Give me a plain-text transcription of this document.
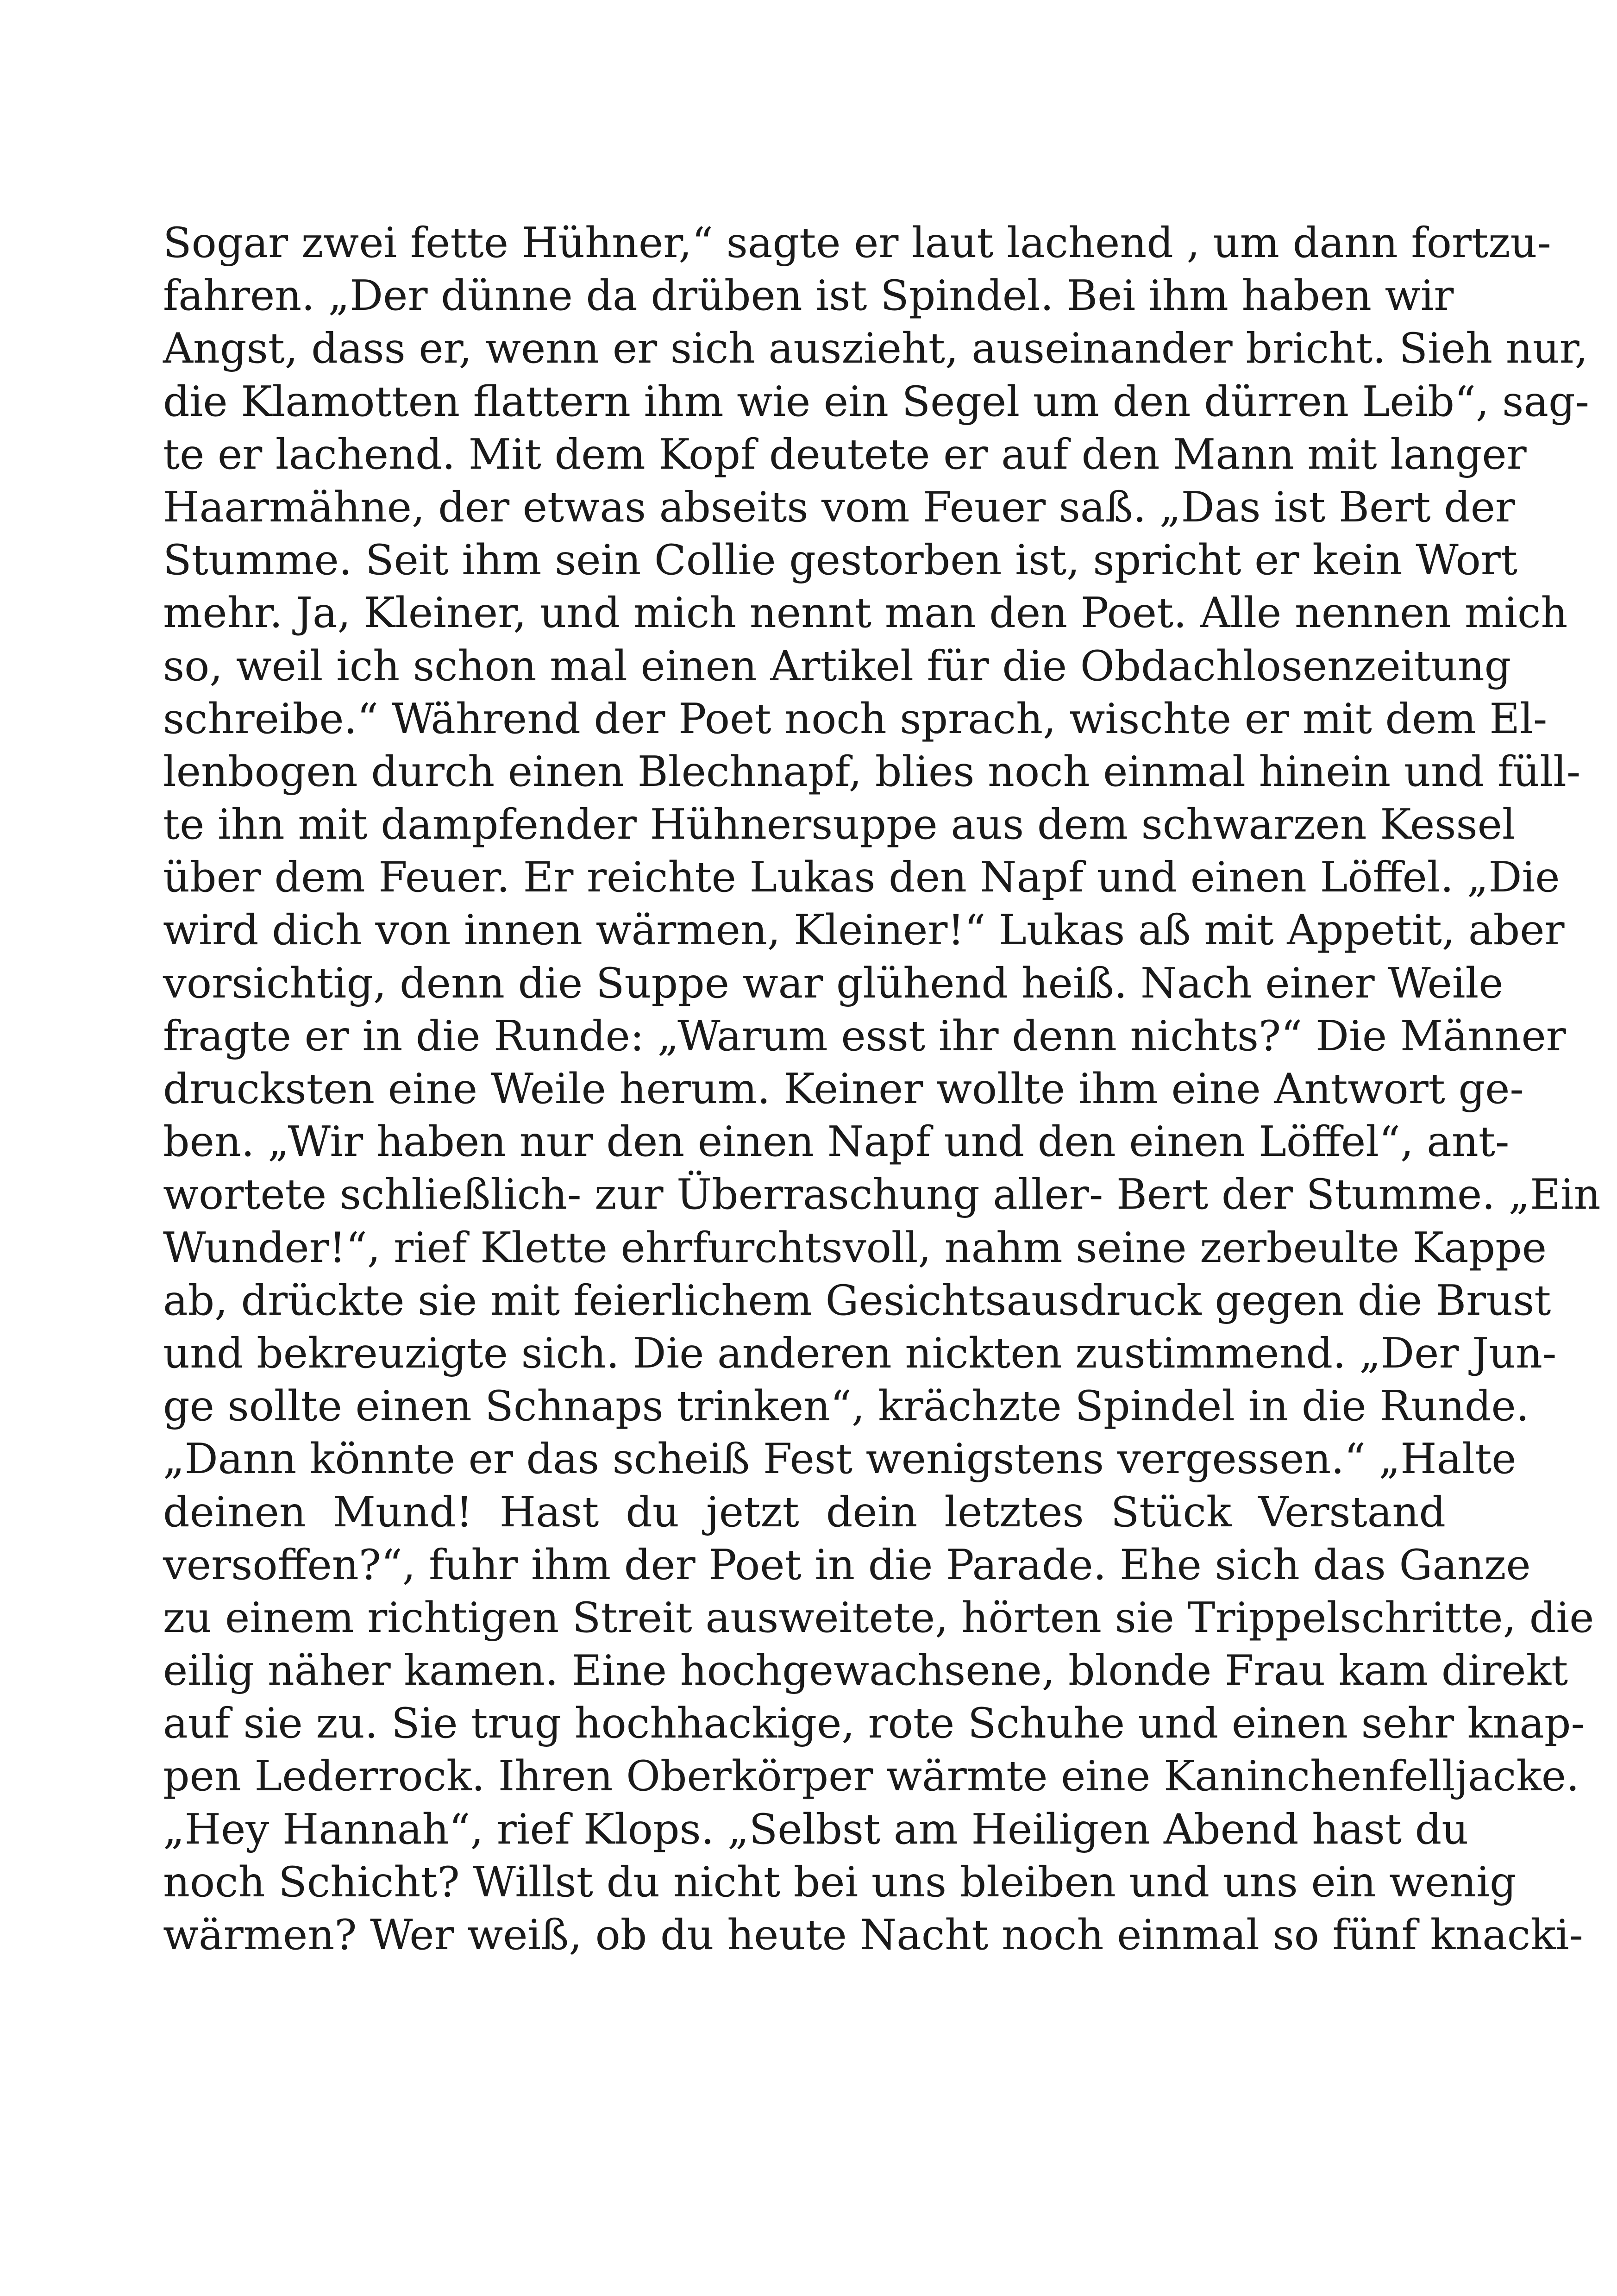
Sogar zwei fette Hühner,“ sagte er laut lachend , um dann fortzu-
fahren. „Der dünne da drüben ist Spindel. Bei ihm haben wir
Angst, dass er, wenn er sich auszieht, auseinander bricht. Sieh nur,
die Klamotten flattern ihm wie ein Segel um den dürren Leib“, sag-
te er lachend. Mit dem Kopf deutete er auf den Mann mit langer
Haarmähne, der etwas abseits vom Feuer saß. „Das ist Bert der
Stumme. Seit ihm sein Collie gestorben ist, spricht er kein Wort
mehr. Ja, Kleiner, und mich nennt man den Poet. Alle nennen mich
so, weil ich schon mal einen Artikel für die Obdachlosenzeitung
schreibe.“ Während der Poet noch sprach, wischte er mit dem El-
lenbogen durch einen Blechnapf, blies noch einmal hinein und füll-
te ihn mit dampfender Hühnersuppe aus dem schwarzen Kessel
über dem Feuer. Er reichte Lukas den Napf und einen Löffel. „Die
wird dich von innen wärmen, Kleiner!“ Lukas aß mit Appetit, aber
vorsichtig, denn die Suppe war glühend heiß. Nach einer Weile
fragte er in die Runde: „Warum esst ihr denn nichts?“ Die Männer
drucksten eine Weile herum. Keiner wollte ihm eine Antwort ge-
ben. „Wir haben nur den einen Napf und den einen Löffel“, ant-
wortete schließlich- zur Überraschung aller- Bert der Stumme. „Ein
Wunder!“, rief Klette ehrfurchtsvoll, nahm seine zerbeulte Kappe
ab, drückte sie mit feierlichem Gesichtsausdruck gegen die Brust
und bekreuzigte sich. Die anderen nickten zustimmend. „Der Jun-
ge sollte einen Schnaps trinken“, krächzte Spindel in die Runde.
„Dann könnte er das scheiß Fest wenigstens vergessen.“ „Halte
deinen Mund! Hast du jetzt dein letztes Stück Verstand
versoffen?“, fuhr ihm der Poet in die Parade. Ehe sich das Ganze
zu einem richtigen Streit ausweitete, hörten sie Trippelschritte, die
eilig näher kamen. Eine hochgewachsene, blonde Frau kam direkt
auf sie zu. Sie trug hochhackige, rote Schuhe und einen sehr knap-
pen Lederrock. Ihren Oberkörper wärmte eine Kaninchenfelljacke.
„Hey Hannah“, rief Klops. „Selbst am Heiligen Abend hast du
noch Schicht? Willst du nicht bei uns bleiben und uns ein wenig
wärmen? Wer weiß, ob du heute Nacht noch einmal so fünf knacki-
